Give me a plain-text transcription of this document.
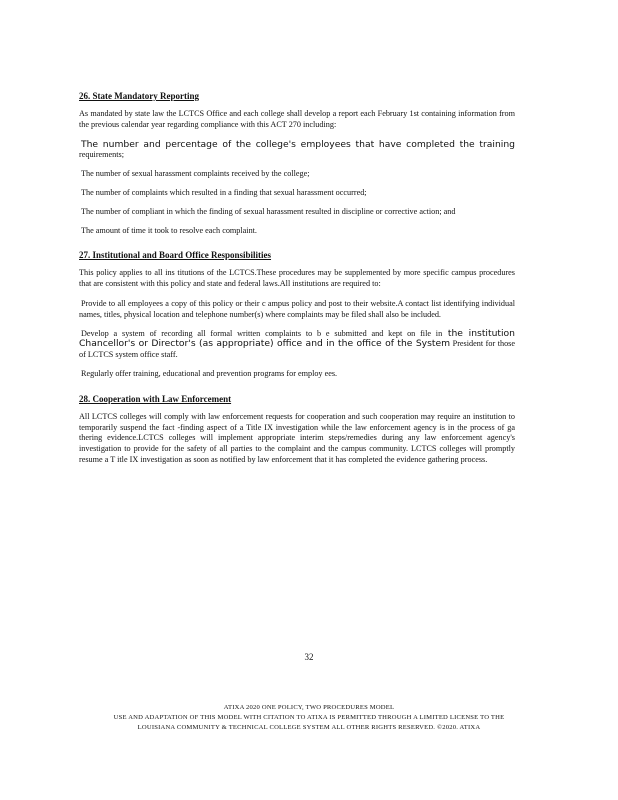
26. State Mandatory Reporting

As mandated by state law the LCTCS Office and each college shall develop a report each February 1st containing information from the previous calendar year regarding compliance with this ACT 270 including:

The number and percentage of the college's employees that have completed the training requirements;

The number of sexual harassment complaints received by the college;

The number of complaints which resulted in a finding that sexual harassment occurred;

The number of compliant in which the finding of sexual harassment resulted in discipline or corrective action; and

The amount of time it took to resolve each complaint.

27. Institutional and Board Office Responsibilities

This policy applies to all ins titutions of the LCTCS.These procedures may be supplemented by more specific campus procedures that are consistent with this policy and state and federal laws.All institutions are required to:

Provide to all employees a copy of this policy or their c ampus policy and post to their website.A contact list identifying individual names, titles, physical location and telephone number(s) where complaints may be filed shall also be included.

Develop a system of recording all formal written complaints to b e submitted and kept on file in the institution Chancellor's or Director's (as appropriate) office and in the office of the System President for those of LCTCS system office staff.

Regularly offer training, educational and prevention programs for employ ees.

28. Cooperation with Law Enforcement

All LCTCS colleges will comply with law enforcement requests for cooperation and such cooperation may require an institution to temporarily suspend the fact -finding aspect of a Title IX investigation while the law enforcement agency is in the process of ga thering evidence.LCTCS colleges will implement appropriate interim steps/remedies during any law enforcement agency's investigation to provide for the safety of all parties to the complaint and the campus community. LCTCS colleges will promptly resume a T itle IX investigation as soon as notified by law enforcement that it has completed the evidence gathering process.

32
ATIXA 2020 ONE POLICY, TWO PROCEDURES MODEL
USE AND ADAPTATION OF THIS MODEL WITH CITATION TO ATIXA IS PERMITTED THROUGH A LIMITED LICENSE TO THE
LOUISIANA COMMUNITY & TECHNICAL COLLEGE SYSTEM ALL OTHER RIGHTS RESERVED. ©2020. ATIXA
